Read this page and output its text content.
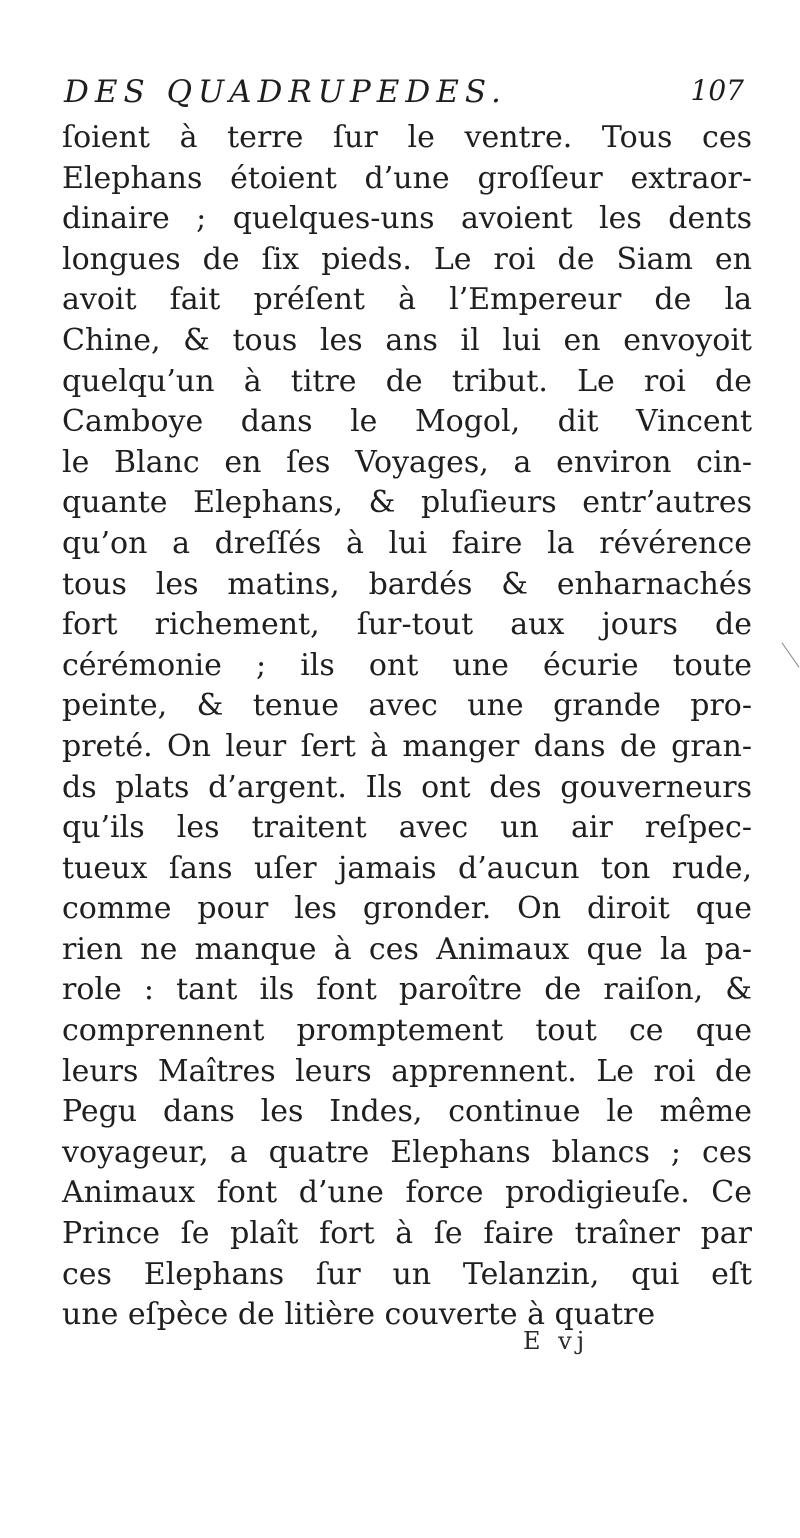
DES QUADRUPEDES.	107
ſoient à terre ſur le ventre. Tous ces
Elephans étoient d’une groſſeur extraor-
dinaire ; quelques-uns avoient les dents
longues de ſix pieds. Le roi de Siam en
avoit fait préſent à l’Empereur de la
Chine, & tous les ans il lui en envoyoit
quelqu’un à titre de tribut. Le roi de
Camboye dans le Mogol, dit Vincent
le Blanc en ſes Voyages, a environ cin-
quante Elephans, & pluſieurs entr’autres
qu’on a dreſſés à lui faire la révérence
tous les matins, bardés & enharnachés
fort richement, ſur-tout aux jours de
cérémonie ; ils ont une écurie toute
peinte, & tenue avec une grande pro-
preté. On leur ſert à manger dans de gran-
ds plats d’argent. Ils ont des gouverneurs
qu’ils les traitent avec un air reſpec-
tueux ſans uſer jamais d’aucun ton rude,
comme pour les gronder. On diroit que
rien ne manque à ces Animaux que la pa-
role : tant ils font paroître de raiſon, &
comprennent promptement tout ce que
leurs Maîtres leurs apprennent. Le roi de
Pegu dans les Indes, continue le même
voyageur, a quatre Elephans blancs ; ces
Animaux font d’une force prodigieuſe. Ce
Prince ſe plaît fort à ſe faire traîner par
ces Elephans ſur un Telanzin, qui eſt
une eſpèce de litière couverte à quatre
E vj
